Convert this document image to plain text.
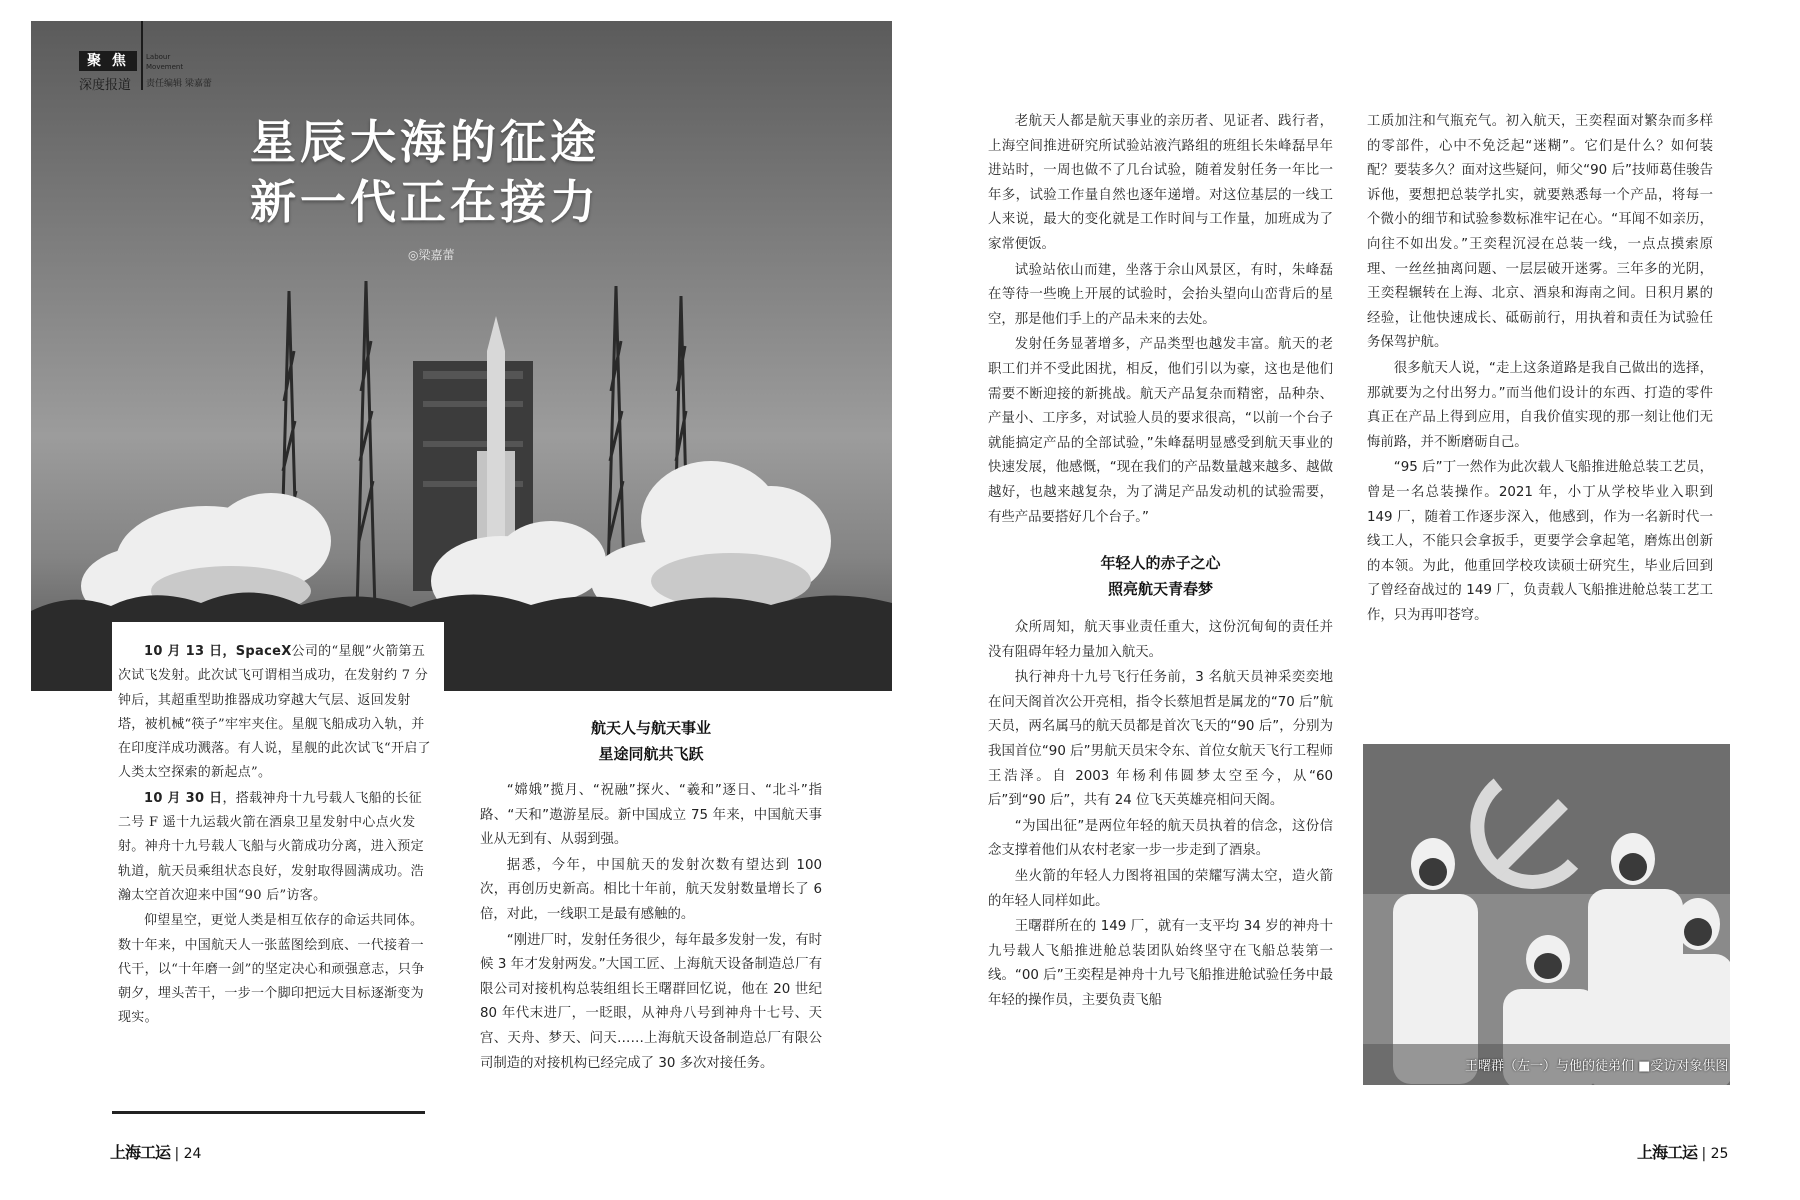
聚 焦
深度报道
Labour
Movement
责任编辑 梁嘉蕾
星辰大海的征途
新一代正在接力
◎梁嘉蕾

10 月 13 日，SpaceX公司的“星舰”火箭第五次试飞发射。此次试飞可谓相当成功，在发射约 7 分钟后，其超重型助推器成功穿越大气层、返回发射塔，被机械“筷子”牢牢夹住。星舰飞船成功入轨，并在印度洋成功溅落。有人说，星舰的此次试飞“开启了人类太空探索的新起点”。

10 月 30 日，搭载神舟十九号载人飞船的长征二号 F 遥十九运载火箭在酒泉卫星发射中心点火发射。神舟十九号载人飞船与火箭成功分离，进入预定轨道，航天员乘组状态良好，发射取得圆满成功。浩瀚太空首次迎来中国“90 后”访客。

仰望星空，更觉人类是相互依存的命运共同体。数十年来，中国航天人一张蓝图绘到底、一代接着一代干，以“十年磨一剑”的坚定决心和顽强意志，只争朝夕，埋头苦干，一步一个脚印把远大目标逐渐变为现实。

航天人与航天事业
星途同航共飞跃

“嫦娥”揽月、“祝融”探火、“羲和”逐日、“北斗”指路、“天和”遨游星辰。新中国成立 75 年来，中国航天事业从无到有、从弱到强。

据悉，今年，中国航天的发射次数有望达到 100 次，再创历史新高。相比十年前，航天发射数量增长了 6 倍，对此，一线职工是最有感触的。

“刚进厂时，发射任务很少，每年最多发射一发，有时候 3 年才发射两发。”大国工匠、上海航天设备制造总厂有限公司对接机构总装组组长王曙群回忆说，他在 20 世纪 80 年代末进厂，一眨眼，从神舟八号到神舟十七号、天宫、天舟、梦天、问天……上海航天设备制造总厂有限公司制造的对接机构已经完成了 30 多次对接任务。

上海工运 | 24

老航天人都是航天事业的亲历者、见证者、践行者，上海空间推进研究所试验站液汽路组的班组长朱峰磊早年进站时，一周也做不了几台试验，随着发射任务一年比一年多，试验工作量自然也逐年递增。对这位基层的一线工人来说，最大的变化就是工作时间与工作量，加班成为了家常便饭。

试验站依山而建，坐落于佘山风景区，有时，朱峰磊在等待一些晚上开展的试验时，会抬头望向山峦背后的星空，那是他们手上的产品未来的去处。

发射任务显著增多，产品类型也越发丰富。航天的老职工们并不受此困扰，相反，他们引以为豪，这也是他们需要不断迎接的新挑战。航天产品复杂而精密，品种杂、产量小、工序多，对试验人员的要求很高，“以前一个台子就能搞定产品的全部试验，”朱峰磊明显感受到航天事业的快速发展，他感慨，“现在我们的产品数量越来越多、越做越好，也越来越复杂，为了满足产品发动机的试验需要，有些产品要搭好几个台子。”

年轻人的赤子之心
照亮航天青春梦

众所周知，航天事业责任重大，这份沉甸甸的责任并没有阻碍年轻力量加入航天。

执行神舟十九号飞行任务前，3 名航天员神采奕奕地在问天阁首次公开亮相，指令长蔡旭哲是属龙的“70 后”航天员，两名属马的航天员都是首次飞天的“90 后”，分别为我国首位“90 后”男航天员宋令东、首位女航天飞行工程师王浩泽。自 2003 年杨利伟圆梦太空至今，从“60 后”到“90 后”，共有 24 位飞天英雄亮相问天阁。

“为国出征”是两位年轻的航天员执着的信念，这份信念支撑着他们从农村老家一步一步走到了酒泉。

坐火箭的年轻人力图将祖国的荣耀写满太空，造火箭的年轻人同样如此。

王曙群所在的 149 厂，就有一支平均 34 岁的神舟十九号载人飞船推进舱总装团队始终坚守在飞船总装第一线。“00 后”王奕程是神舟十九号飞船推进舱试验任务中最年轻的操作员，主要负责飞船

工质加注和气瓶充气。初入航天，王奕程面对繁杂而多样的零部件，心中不免泛起“迷糊”。它们是什么？如何装配？要装多久？面对这些疑问，师父“90 后”技师葛佳骏告诉他，要想把总装学扎实，就要熟悉每一个产品，将每一个微小的细节和试验参数标准牢记在心。“耳闻不如亲历，向往不如出发。”王奕程沉浸在总装一线，一点点摸索原理、一丝丝抽离问题、一层层破开迷雾。三年多的光阴，王奕程辗转在上海、北京、酒泉和海南之间。日积月累的经验，让他快速成长、砥砺前行，用执着和责任为试验任务保驾护航。

很多航天人说，“走上这条道路是我自己做出的选择，那就要为之付出努力。”而当他们设计的东西、打造的零件真正在产品上得到应用，自我价值实现的那一刻让他们无悔前路，并不断磨砺自己。

“95 后”丁一然作为此次载人飞船推进舱总装工艺员，曾是一名总装操作。2021 年，小丁从学校毕业入职到 149 厂，随着工作逐步深入，他感到，作为一名新时代一线工人，不能只会拿扳手，更要学会拿起笔，磨炼出创新的本领。为此，他重回学校攻读硕士研究生，毕业后回到了曾经奋战过的 149 厂，负责载人飞船推进舱总装工艺工作，只为再叩苍穹。

王曙群（左一）与他的徒弟们 ■受访对象供图
上海工运 | 25
